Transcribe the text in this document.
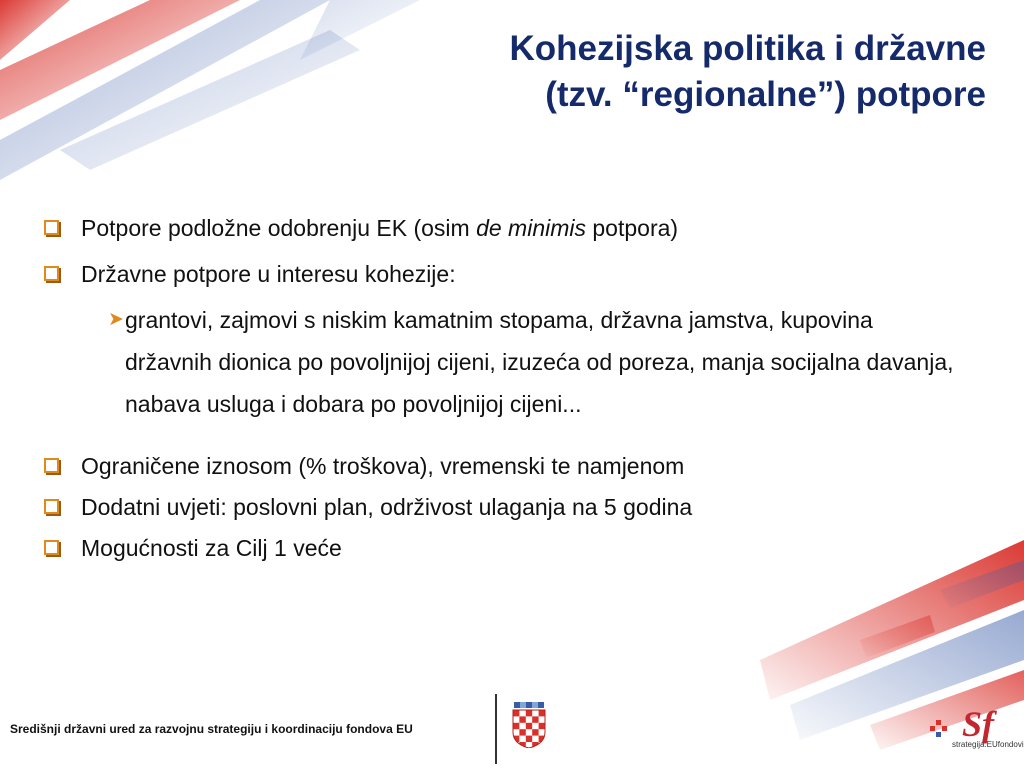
Kohezijska politika i državne
(tzv. “regionalne”) potpore
Potpore podložne odobrenju EK (osim de minimis potpora)
Državne potpore u interesu kohezije:
➤ grantovi, zajmovi s niskim kamatnim stopama, državna jamstva, kupovina državnih dionica po povoljnijoj cijeni, izuzeća od poreza, manja socijalna davanja, nabava usluga i dobara po povoljnijoj cijeni...
Ograničene iznosom (% troškova), vremenski te namjenom
Dodatni uvjeti: poslovni plan, održivost ulaganja na 5 godina
Mogućnosti za Cilj 1 veće
Središnji državni ured za razvojnu strategiju i koordinaciju fondova EU	Sf
strategija.EUfondovi
